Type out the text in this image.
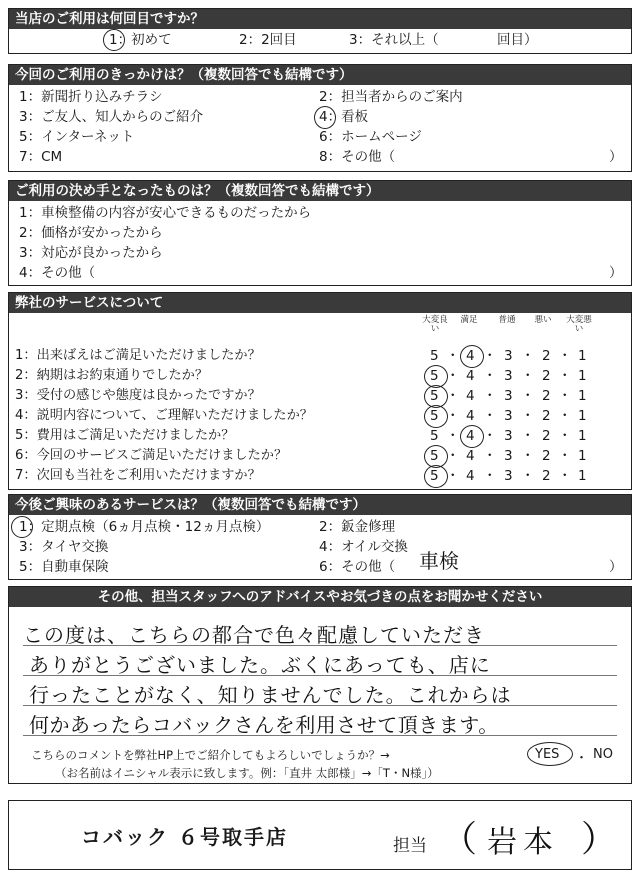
当店のご利用は何回目ですか？
1：初めて	2：2回目	3：それ以上（	回目）
今回のご利用のきっかけは？（複数回答でも結構です）
1：新聞折り込みチラシ	2：担当者からのご案内
3：ご友人、知人からのご紹介	4：看板
5：インターネット	6：ホームページ
7：CM	8：その他（	）
ご利用の決め手となったものは？（複数回答でも結構です）
1：車検整備の内容が安心できるものだったから
2：価格が安かったから
3：対応が良かったから
4：その他（	）
弊社のサービスについて
大変良い
満足	普通	悪い	大変悪い
1：出来ばえはご満足いただけましたか？	5 ・ 4 ・ 3 ・ 2 ・ 1
2：納期はお約束通りでしたか？	5 ・ 4 ・ 3 ・ 2 ・ 1
3：受付の感じや態度は良かったですか？	5 ・ 4 ・ 3 ・ 2 ・ 1
4：説明内容について、ご理解いただけましたか？	5 ・ 4 ・ 3 ・ 2 ・ 1
5：費用はご満足いただけましたか？	5 ・ 4 ・ 3 ・ 2 ・ 1
6：今回のサービスご満足いただけましたか？	5 ・ 4 ・ 3 ・ 2 ・ 1
7：次回も当社をご利用いただけますか？	5 ・ 4 ・ 3 ・ 2 ・ 1
今後ご興味のあるサービスは？（複数回答でも結構です）
1：定期点検（6ヵ月点検・12ヵ月点検）	2：鈑金修理
3：タイヤ交換	4：オイル交換
5：自動車保険	6：その他（ 車検	）
その他、担当スタッフへのアドバイスやお気づきの点をお聞かせください
この度は、こちらの都合で色々配慮していただき
ありがとうございました。ぶくにあっても、店に
行ったことがなく、知りませんでした。これからは
何かあったらコバックさんを利用させて頂きます。
こちらのコメントを弊社HP上でご紹介してもよろしいでしょうか？→	YES ・ NO
（お名前はイニシャル表示に致します。例：「直井 太郎様」→「T・N様」）
コバック ６号取手店	担当 （ 岩本 ）
